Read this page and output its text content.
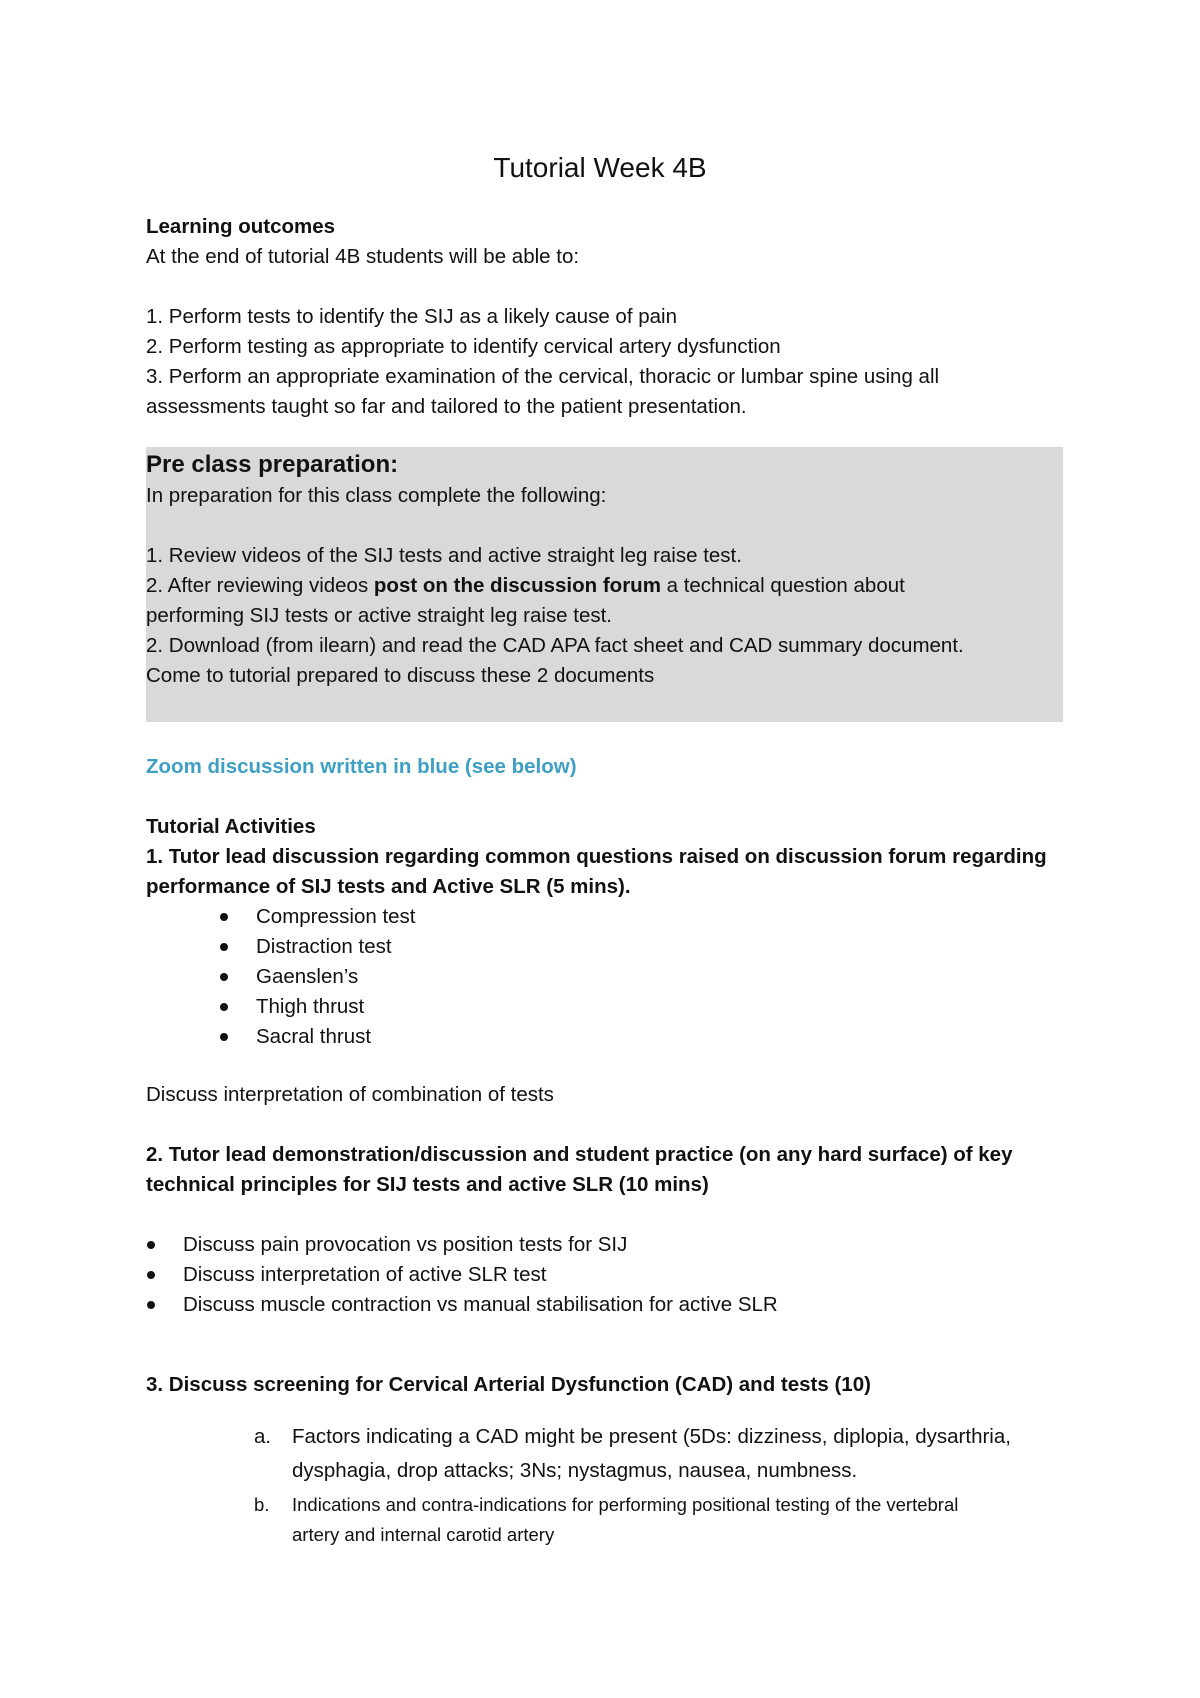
Tutorial Week 4B
Learning outcomes
At the end of tutorial 4B students will be able to:
1. Perform tests to identify the SIJ as a likely cause of pain
2. Perform testing as appropriate to identify cervical artery dysfunction
3. Perform an appropriate examination of the cervical, thoracic or lumbar spine using all
assessments taught so far and tailored to the patient presentation.
Pre class preparation:
In preparation for this class complete the following:
1. Review videos of the SIJ tests and active straight leg raise test.
2. After reviewing videos post on the discussion forum a technical question about
performing SIJ tests or active straight leg raise test.
2. Download (from ilearn) and read the CAD APA fact sheet and CAD summary document.
Come to tutorial prepared to discuss these 2 documents
Zoom discussion written in blue (see below)
Tutorial Activities
1. Tutor lead discussion regarding common questions raised on discussion forum regarding
performance of SIJ tests and Active SLR (5 mins).
Compression test
Distraction test
Gaenslen’s
Thigh thrust
Sacral thrust
Discuss interpretation of combination of tests
2. Tutor lead demonstration/discussion and student practice (on any hard surface) of key
technical principles for SIJ tests and active SLR (10 mins)
Discuss pain provocation vs position tests for SIJ
Discuss interpretation of active SLR test
Discuss muscle contraction vs manual stabilisation for active SLR
3. Discuss screening for Cervical Arterial Dysfunction (CAD) and tests (10)
a. Factors indicating a CAD might be present (5Ds: dizziness, diplopia, dysarthria,
dysphagia, drop attacks; 3Ns; nystagmus, nausea, numbness.
b. Indications and contra-indications for performing positional testing of the vertebral
artery and internal carotid artery
